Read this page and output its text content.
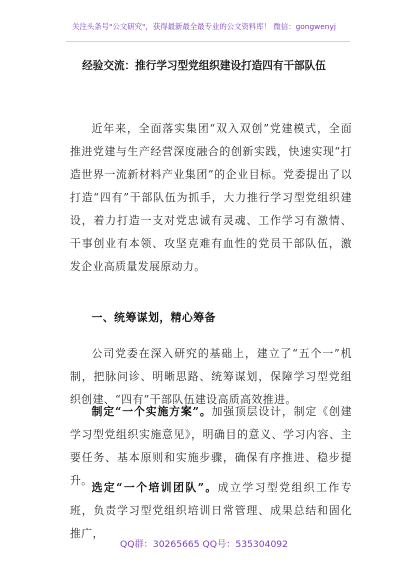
关注头条号"公文研究"，获得最新最全最专业的公文资料库！ 微信：gongwenyj
经验交流：推行学习型党组织建设打造四有干部队伍

近年来，全面落实集团“双入双创”党建模式，全面推进党建与生产经营深度融合的创新实践，快速实现“打造世界一流新材料产业集团”的企业目标。党委提出了以打造“四有”干部队伍为抓手，大力推行学习型党组织建设，着力打造一支对党忠诚有灵魂、工作学习有激情、干事创业有本领、攻坚克难有血性的党员干部队伍，激发企业高质量发展原动力。

一、统筹谋划，精心筹备

公司党委在深入研究的基础上，建立了“五个一”机制，把脉问诊、明晰思路、统筹谋划，保障学习型党组织创建、“四有”干部队伍建设高质高效推进。

制定“一个实施方案”。加强顶层设计，制定《创建学习型党组织实施意见》，明确目的意义、学习内容、主要任务、基本原则和实施步骤，确保有序推进、稳步提升。

选定“一个培训团队”。成立学习型党组织工作专班，负责学习型党组织培训日常管理、成果总结和固化推广，

QQ群：30265665 QQ号：535304092
